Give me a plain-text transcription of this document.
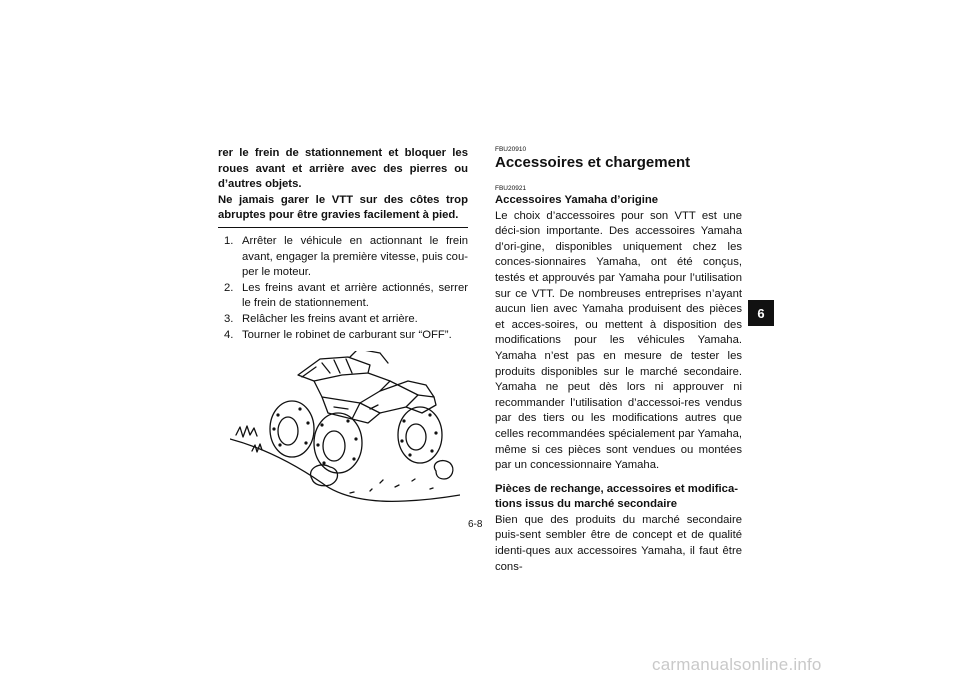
rer le frein de stationnement et bloquer les roues avant et arrière avec des pierres ou d’autres objets.

Ne jamais garer le VTT sur des côtes trop abruptes pour être gravies facilement à pied.

1. Arrêter le véhicule en actionnant le frein avant, engager la première vitesse, puis cou-per le moteur.
2. Les freins avant et arrière actionnés, serrer le frein de stationnement.
3. Relâcher les freins avant et arrière.
4. Tourner le robinet de carburant sur “OFF”.

FBU20910

Accessoires et chargement

FBU20921

Accessoires Yamaha d’origine

Le choix d’accessoires pour son VTT est une déci-sion importante. Des accessoires Yamaha d’ori-gine, disponibles uniquement chez les conces-sionnaires Yamaha, ont été conçus, testés et approuvés par Yamaha pour l’utilisation sur ce VTT. De nombreuses entreprises n’ayant aucun lien avec Yamaha produisent des pièces et acces-soires, ou mettent à disposition des modifications pour les véhicules Yamaha. Yamaha n’est pas en mesure de tester les produits disponibles sur le marché secondaire. Yamaha ne peut dès lors ni approuver ni recommander l’utilisation d’accessoi-res vendus par des tiers ou les modifications autres que celles recommandées spécialement par Yamaha, même si ces pièces sont vendues ou montées par un concessionnaire Yamaha.

Pièces de rechange, accessoires et modifica-tions issus du marché secondaire

Bien que des produits du marché secondaire puis-sent sembler être de concept et de qualité identi-ques aux accessoires Yamaha, il faut être cons-

6
6-8
carmanualsonline.info
